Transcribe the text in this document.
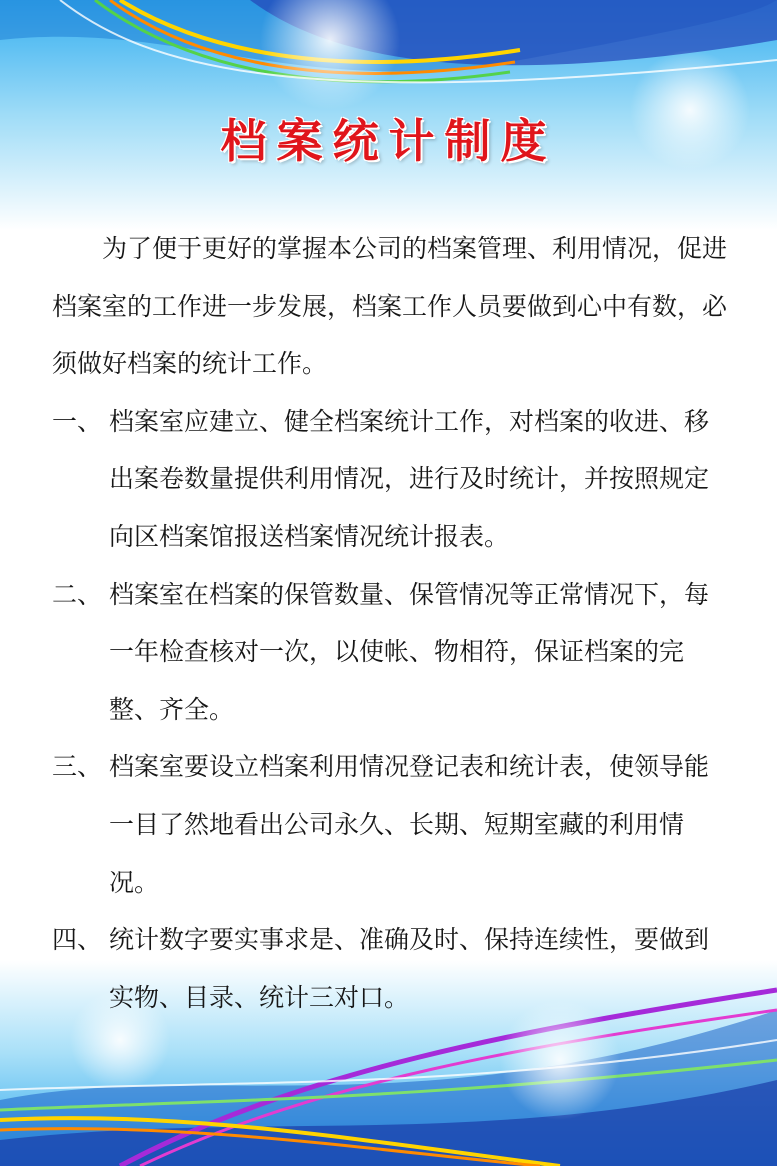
档案统计制度

为了便于更好的掌握本公司的档案管理、利用情况，促进档案室的工作进一步发展，档案工作人员要做到心中有数，必须做好档案的统计工作。

一、 档案室应建立、健全档案统计工作，对档案的收进、移出案卷数量提供利用情况，进行及时统计，并按照规定向区档案馆报送档案情况统计报表。
二、 档案室在档案的保管数量、保管情况等正常情况下，每一年检查核对一次，以使帐、物相符，保证档案的完整、齐全。
三、 档案室要设立档案利用情况登记表和统计表，使领导能一目了然地看出公司永久、长期、短期室藏的利用情况。
四、 统计数字要实事求是、准确及时、保持连续性，要做到实物、目录、统计三对口。
